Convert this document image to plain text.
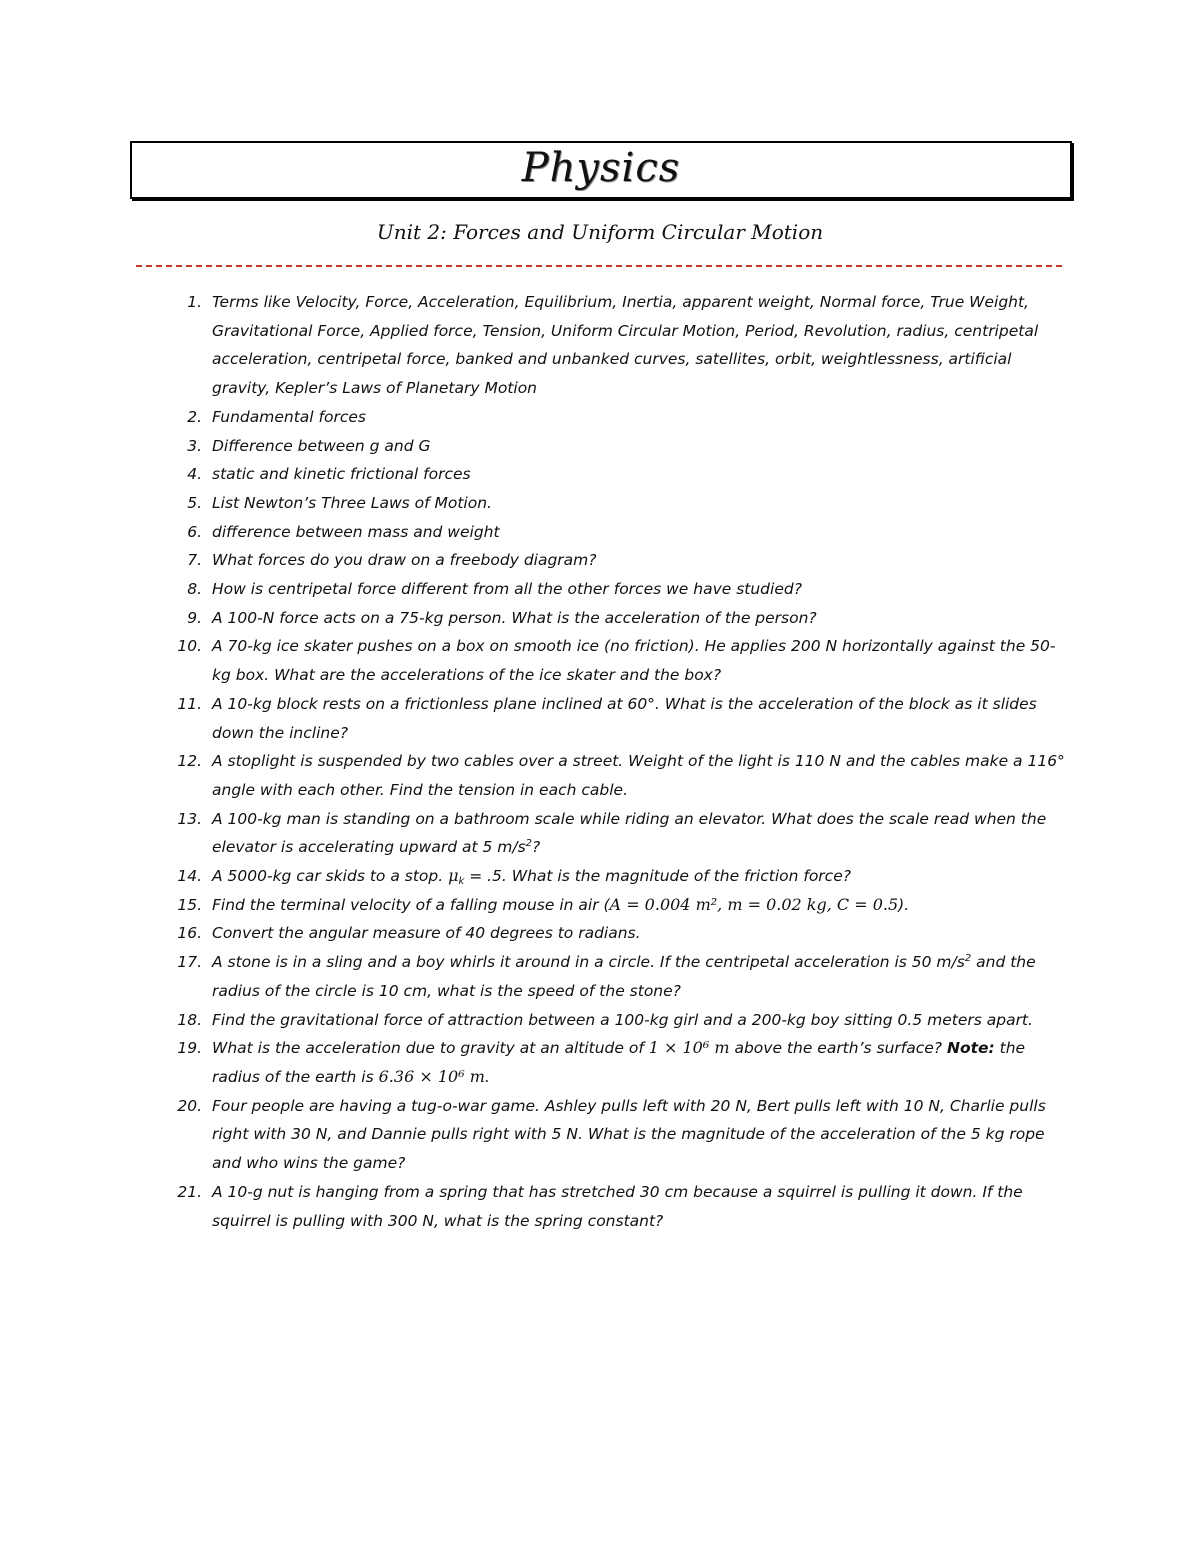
Physics
Unit 2: Forces and Uniform Circular Motion
1. Terms like Velocity, Force, Acceleration, Equilibrium, Inertia, apparent weight, Normal force, True Weight, Gravitational Force, Applied force, Tension, Uniform Circular Motion, Period, Revolution, radius, centripetal acceleration, centripetal force, banked and unbanked curves, satellites, orbit, weightlessness, artificial gravity, Kepler’s Laws of Planetary Motion
2. Fundamental forces
3. Difference between g and G
4. static and kinetic frictional forces
5. List Newton’s Three Laws of Motion.
6. difference between mass and weight
7. What forces do you draw on a freebody diagram?
8. How is centripetal force different from all the other forces we have studied?
9. A 100-N force acts on a 75-kg person. What is the acceleration of the person?
10. A 70-kg ice skater pushes on a box on smooth ice (no friction). He applies 200 N horizontally against the 50-kg box. What are the accelerations of the ice skater and the box?
11. A 10-kg block rests on a frictionless plane inclined at 60°. What is the acceleration of the block as it slides down the incline?
12. A stoplight is suspended by two cables over a street. Weight of the light is 110 N and the cables make a 116° angle with each other. Find the tension in each cable.
13. A 100-kg man is standing on a bathroom scale while riding an elevator. What does the scale read when the elevator is accelerating upward at 5 $m/s^2$?
14. A 5000-kg car skids to a stop. $\mu_k = .5$. What is the magnitude of the friction force?
15. Find the terminal velocity of a falling mouse in air (A = 0.004 m², m = 0.02 kg, C = 0.5).
16. Convert the angular measure of 40 degrees to radians.
17. A stone is in a sling and a boy whirls it around in a circle. If the centripetal acceleration is 50 $m/s^2$ and the radius of the circle is 10 cm, what is the speed of the stone?
18. Find the gravitational force of attraction between a 100-kg girl and a 200-kg boy sitting 0.5 meters apart.
19. What is the acceleration due to gravity at an altitude of 1 × 10⁶ m above the earth’s surface? Note: the radius of the earth is 6.36 × 10⁶ m.
20. Four people are having a tug-o-war game. Ashley pulls left with 20 N, Bert pulls left with 10 N, Charlie pulls right with 30 N, and Dannie pulls right with 5 N. What is the magnitude of the acceleration of the 5 kg rope and who wins the game?
21. A 10-g nut is hanging from a spring that has stretched 30 cm because a squirrel is pulling it down. If the squirrel is pulling with 300 N, what is the spring constant?
